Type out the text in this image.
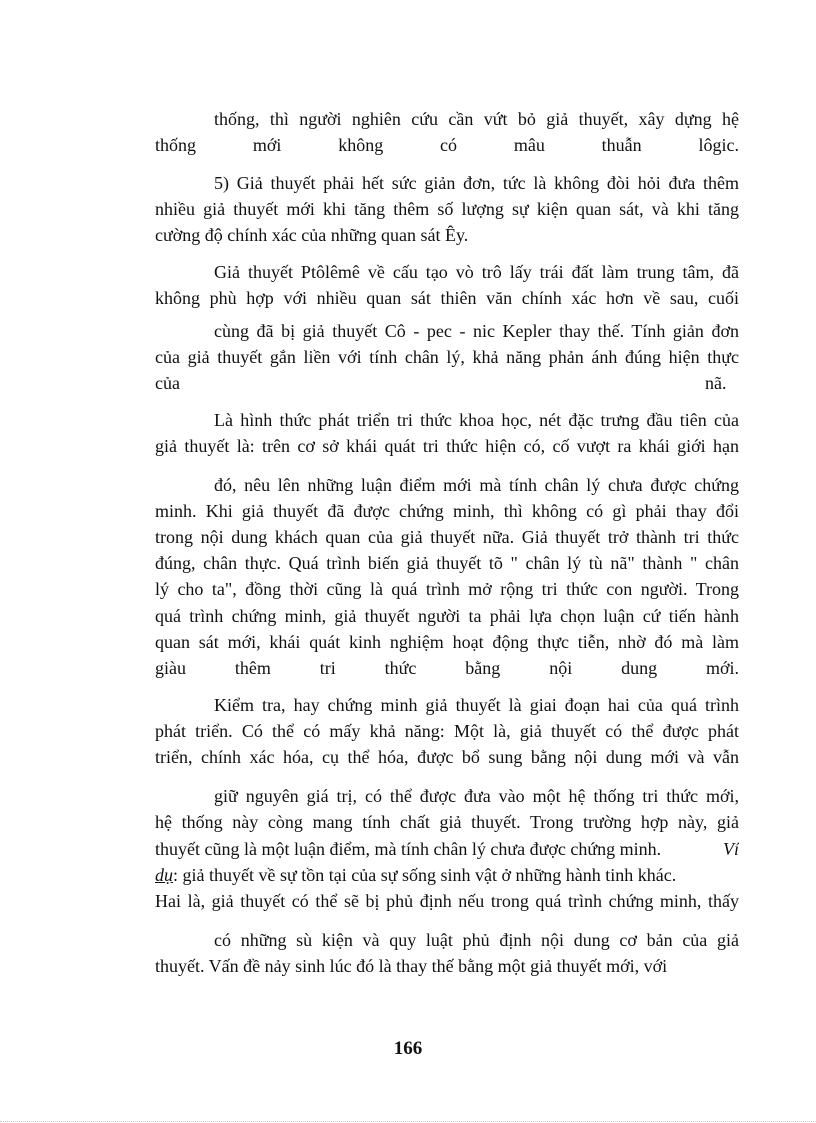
thống, thì người nghiên cứu cần vứt bỏ giả thuyết, xây dựng hệ
thống mới không có mâu thuẫn lôgic.
5) Giả thuyết phải hết sức giản đơn, tức là không đòi hỏi đưa thêm
nhiều giả thuyết mới khi tăng thêm số lượng sự kiện quan sát, và khi tăng
cường độ chính xác của những quan sát Êy.
Giả thuyết Ptôlêmê về cấu tạo vò trô lấy trái đất làm trung tâm, đã
không phù hợp với nhiều quan sát thiên văn chính xác hơn về sau, cuối
cùng đã bị giả thuyết Cô - pec - nic Kepler thay thế. Tính giản đơn
của giả thuyết gắn liền với tính chân lý, khả năng phản ánh đúng hiện thực
của	nã.
Là hình thức phát triển tri thức khoa học, nét đặc trưng đầu tiên của
giả thuyết là: trên cơ sở khái quát tri thức hiện có, cố vượt ra khái giới hạn
đó, nêu lên những luận điểm mới mà tính chân lý chưa được chứng
minh. Khi giả thuyết đã được chứng minh, thì không có gì phải thay đổi
trong nội dung khách quan của giả thuyết nữa. Giả thuyết trở thành tri thức
đúng, chân thực. Quá trình biến giả thuyết tõ " chân lý tù nã" thành " chân
lý cho ta", đồng thời cũng là quá trình mở rộng tri thức con người. Trong
quá trình chứng minh, giả thuyết người ta phải lựa chọn luận cứ tiến hành
quan sát mới, khái quát kinh nghiệm hoạt động thực tiễn, nhờ đó mà làm
giàu thêm tri thức bằng nội dung mới.
Kiểm tra, hay chứng minh giả thuyết là giai đoạn hai của quá trình
phát triển. Có thể có mấy khả năng: Một là, giả thuyết có thể được phát
triển, chính xác hóa, cụ thể hóa, được bổ sung bằng nội dung mới và vẫn
giữ nguyên giá trị, có thể được đưa vào một hệ thống tri thức mới,
hệ thống này còng mang tính chất giả thuyết. Trong trường hợp này, giả
thuyết cũng là một luận điểm, mà tính chân lý chưa được chứng minh.	Ví
dụ: giả thuyết về sự tồn tại của sự sống sinh vật ở những hành tinh khác.
Hai là, giả thuyết có thể sẽ bị phủ định nếu trong quá trình chứng minh, thấy
có những sù kiện và quy luật phủ định nội dung cơ bản của giả
thuyết. Vấn đề nảy sinh lúc đó là thay thế bằng một giả thuyết mới, với
166
